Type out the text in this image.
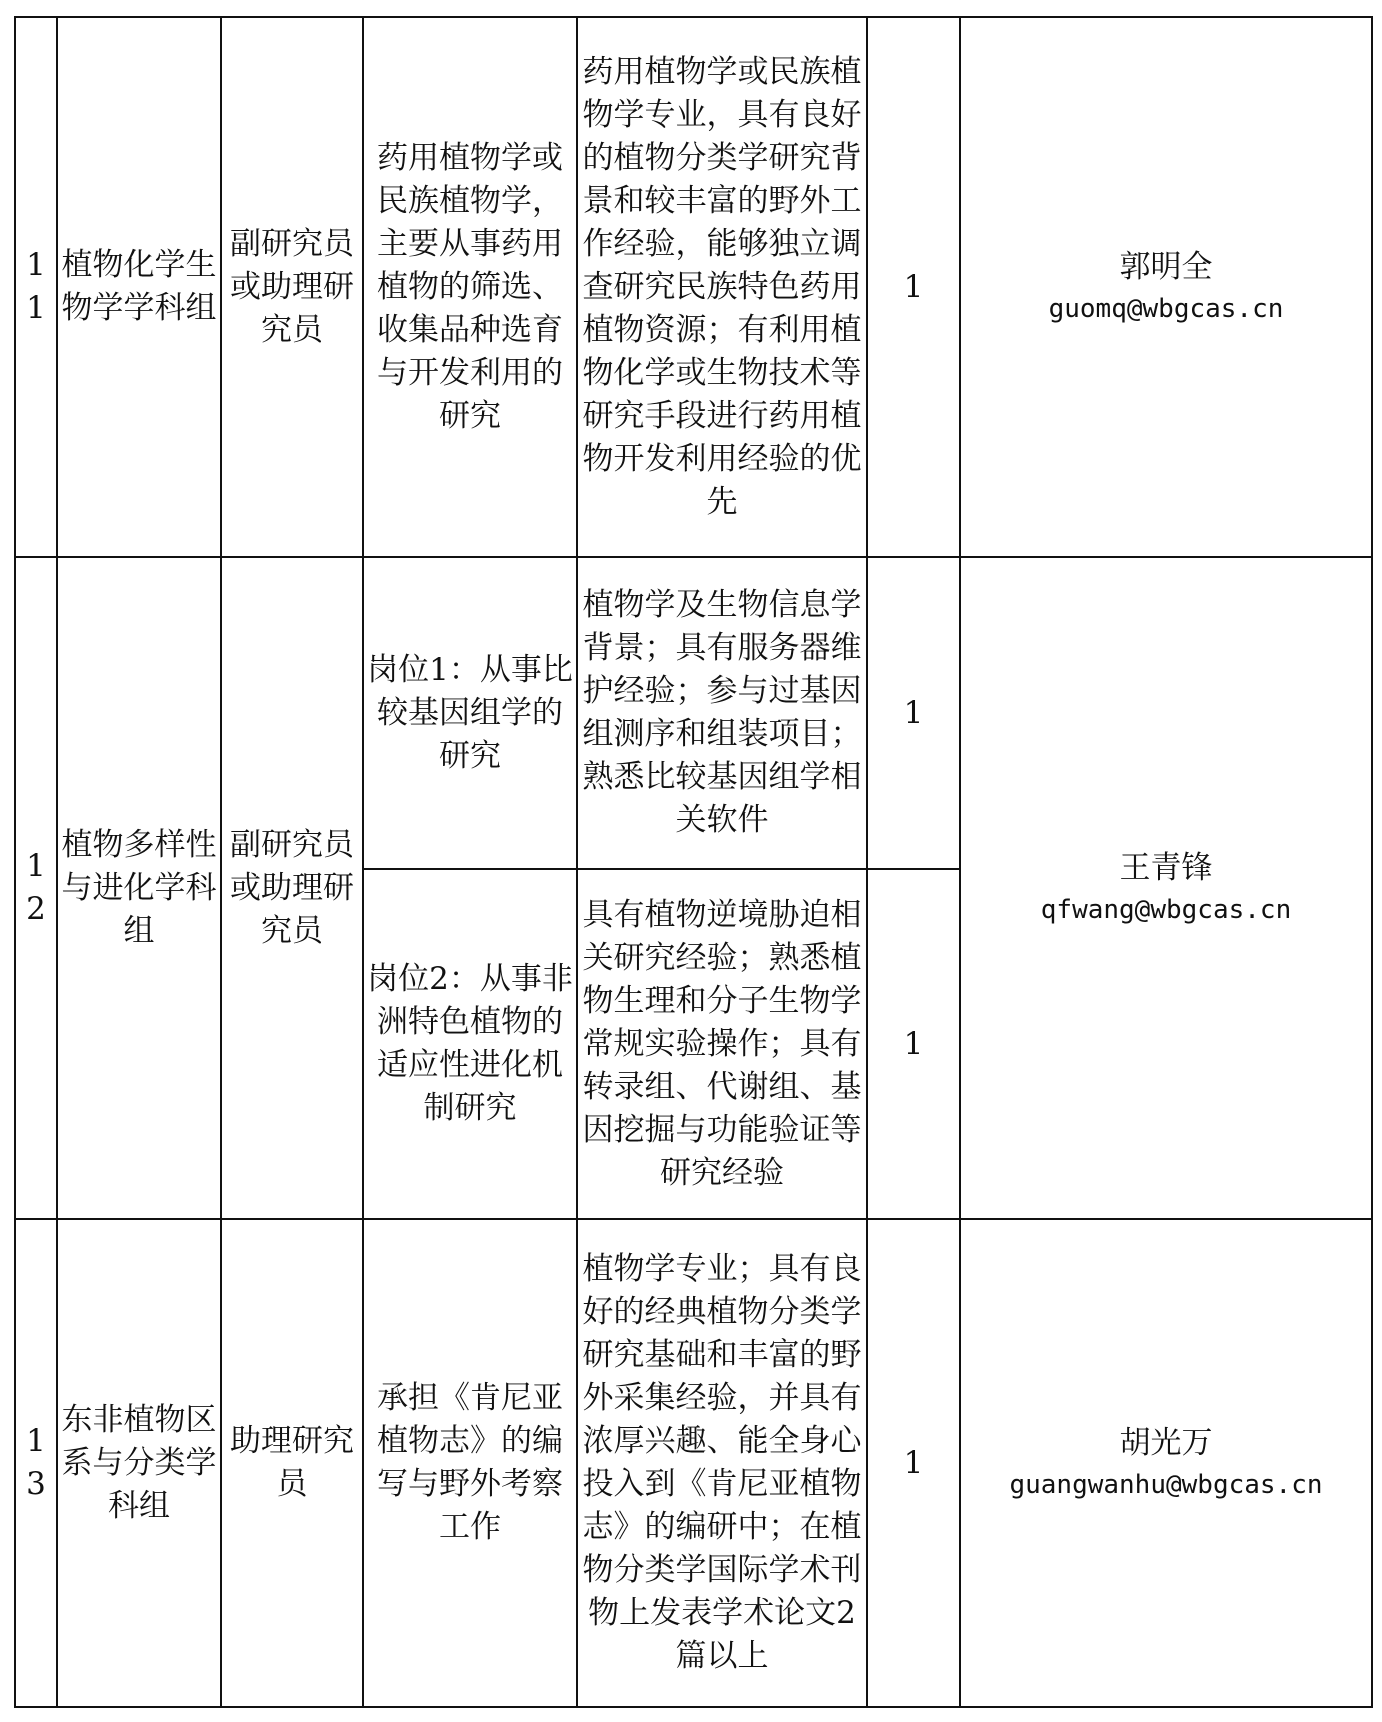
11	植物化学生物学学科组	副研究员或助理研究员	药用植物学或民族植物学，主要从事药用植物的筛选、收集品种选育与开发利用的研究	药用植物学或民族植物学专业，具有良好的植物分类学研究背景和较丰富的野外工作经验，能够独立调查研究民族特色药用植物资源；有利用植物化学或生物技术等研究手段进行药用植物开发利用经验的优先	1	郭明全
guomq@wbgcas.cn

12	植物多样性与进化学科组	副研究员或助理研究员	岗位1：从事比较基因组学的研究	植物学及生物信息学背景；具有服务器维护经验；参与过基因组测序和组装项目；熟悉比较基因组学相关软件	1	王青锋
qfwang@wbgcas.cn

			岗位2：从事非洲特色植物的适应性进化机制研究	具有植物逆境胁迫相关研究经验；熟悉植物生理和分子生物学常规实验操作；具有转录组、代谢组、基因挖掘与功能验证等研究经验	1	
13	东非植物区系与分类学科组	助理研究员	承担《肯尼亚植物志》的编写与野外考察工作	植物学专业；具有良好的经典植物分类学研究基础和丰富的野外采集经验，并具有浓厚兴趣、能全身心投入到《肯尼亚植物志》的编研中；在植物分类学国际学术刊物上发表学术论文2篇以上	1	胡光万
guangwanhu@wbgcas.cn
